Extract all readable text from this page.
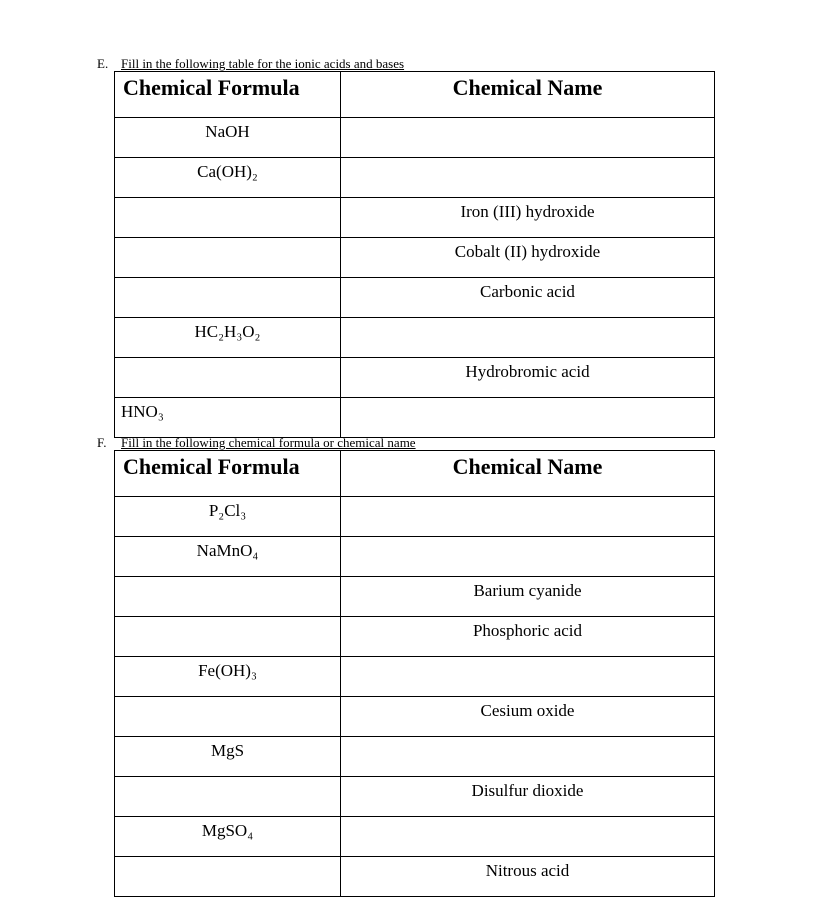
E. Fill in the following table for the ionic acids and bases
Chemical Formula	Chemical Name
NaOH	
Ca(OH)₂	
	Iron (III) hydroxide
	Cobalt (II) hydroxide
	Carbonic acid
HC₂H₃O₂	
	Hydrobromic acid
HNO₃	
F. Fill in the following chemical formula or chemical name
Chemical Formula	Chemical Name
P₂Cl₃	
NaMnO₄	
	Barium cyanide
	Phosphoric acid
Fe(OH)₃	
	Cesium oxide
MgS	
	Disulfur dioxide
MgSO₄	
	Nitrous acid
